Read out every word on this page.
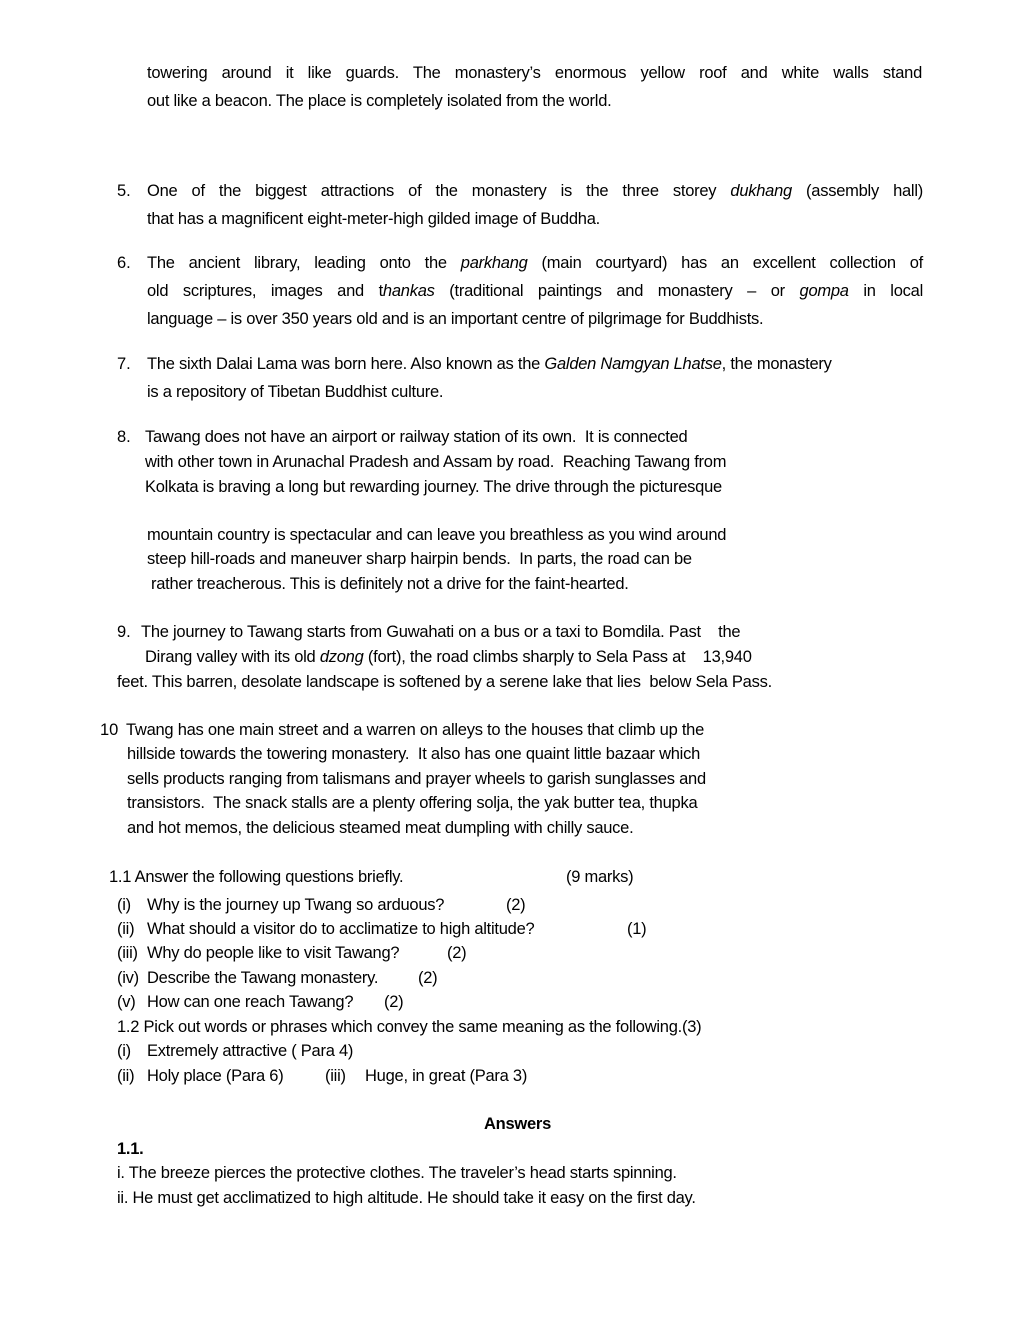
towering around it like guards. The monastery’s enormous yellow roof and white walls stand
out like a beacon. The place is completely isolated from the world.
5. One of the biggest attractions of the monastery is the three storey dukhang (assembly hall)
that has a magnificent eight-meter-high gilded image of Buddha.
6. The ancient library, leading onto the parkhang (main courtyard) has an excellent collection of
old scriptures, images and thankas (traditional paintings and monastery – or gompa in local
language – is over 350 years old and is an important centre of pilgrimage for Buddhists.
7. The sixth Dalai Lama was born here. Also known as the Galden Namgyan Lhatse, the monastery
is a repository of Tibetan Buddhist culture.
8. Tawang does not have an airport or railway station of its own.  It is connected
with other town in Arunachal Pradesh and Assam by road.  Reaching Tawang from
Kolkata is braving a long but rewarding journey. The drive through the picturesque
mountain country is spectacular and can leave you breathless as you wind around
steep hill-roads and maneuver sharp hairpin bends.  In parts, the road can be
rather treacherous. This is definitely not a drive for the faint-hearted.
9. The journey to Tawang starts from Guwahati on a bus or a taxi to Bomdila. Past    the
Dirang valley with its old dzong (fort), the road climbs sharply to Sela Pass at    13,940
feet. This barren, desolate landscape is softened by a serene lake that lies  below Sela Pass.
10 Twang has one main street and a warren on alleys to the houses that climb up the
hillside towards the towering monastery.  It also has one quaint little bazaar which
sells products ranging from talismans and prayer wheels to garish sunglasses and
transistors.  The snack stalls are a plenty offering solja, the yak butter tea, thupka
and hot memos, the delicious steamed meat dumpling with chilly sauce.
1.1 Answer the following questions briefly.	(9 marks)
(i) Why is the journey up Twang so arduous?	(2)
(ii) What should a visitor do to acclimatize to high altitude?	(1)
(iii) Why do people like to visit Tawang?	(2)
(iv) Describe the Tawang monastery. (2)
(v) How can one reach Tawang? (2)
1.2 Pick out words or phrases which convey the same meaning as the following.(3)
(i) Extremely attractive ( Para 4)
(ii) Holy place (Para 6)	(iii) Huge, in great (Para 3)
Answers
1.1.
i. The breeze pierces the protective clothes. The traveler’s head starts spinning.
ii. He must get acclimatized to high altitude. He should take it easy on the first day.
